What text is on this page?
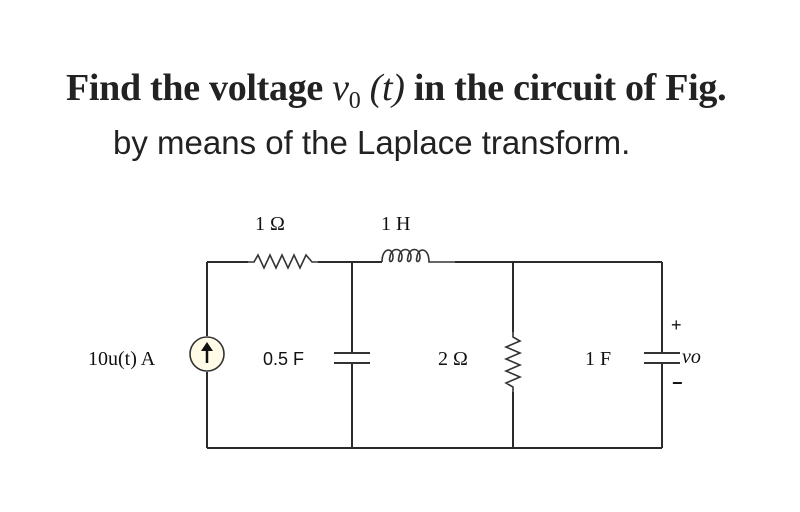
Find the voltage $v_0$ (t) in the circuit of Fig.
by means of the Laplace transform.
10u(t) A
1 Ω	1 H
0.5 F	2 Ω	1 F
+
vo
−
